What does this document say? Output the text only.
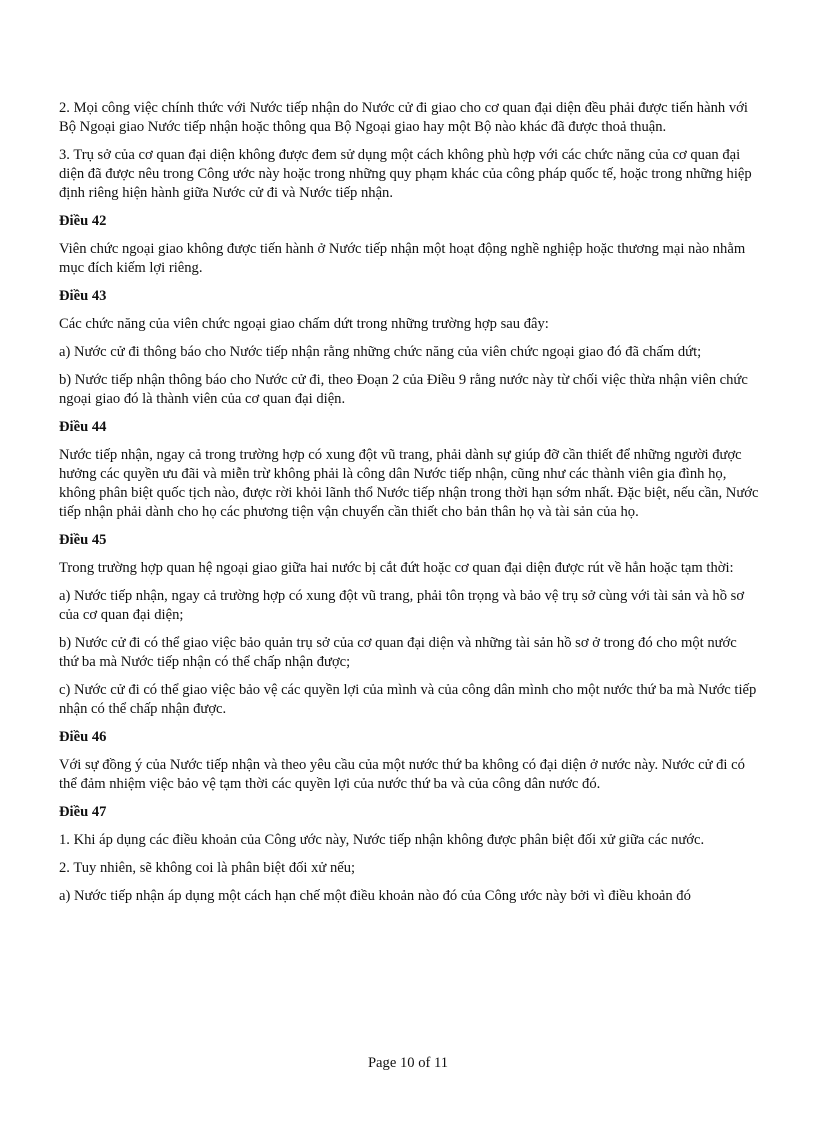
2. Mọi công việc chính thức với Nước tiếp nhận do Nước cử đi giao cho cơ quan đại diện đều phải được tiến hành với Bộ Ngoại giao Nước tiếp nhận hoặc thông qua Bộ Ngoại giao hay một Bộ nào khác đã được thoả thuận.

3. Trụ sở của cơ quan đại diện không được đem sử dụng một cách không phù hợp với các chức năng của cơ quan đại diện đã được nêu trong Công ước này hoặc trong những quy phạm khác của công pháp quốc tế, hoặc trong những hiệp định riêng hiện hành giữa Nước cử đi và Nước tiếp nhận.

Điều 42

Viên chức ngoại giao không được tiến hành ở Nước tiếp nhận một hoạt động nghề nghiệp hoặc thương mại nào nhằm mục đích kiếm lợi riêng.

Điều 43

Các chức năng của viên chức ngoại giao chấm dứt trong những trường hợp sau đây:

a) Nước cử đi thông báo cho Nước tiếp nhận rằng những chức năng của viên chức ngoại giao đó đã chấm dứt;

b) Nước tiếp nhận thông báo cho Nước cử đi, theo Đoạn 2 của Điều 9 rằng nước này từ chối việc thừa nhận viên chức ngoại giao đó là thành viên của cơ quan đại diện.

Điều 44

Nước tiếp nhận, ngay cả trong trường hợp có xung đột vũ trang, phải dành sự giúp đỡ cần thiết để những người được hưởng các quyền ưu đãi và miễn trừ không phải là công dân Nước tiếp nhận, cũng như các thành viên gia đình họ, không phân biệt quốc tịch nào, được rời khỏi lãnh thổ Nước tiếp nhận trong thời hạn sớm nhất. Đặc biệt, nếu cần, Nước tiếp nhận phải dành cho họ các phương tiện vận chuyển cần thiết cho bản thân họ và tài sản của họ.

Điều 45

Trong trường hợp quan hệ ngoại giao giữa hai nước bị cắt đứt hoặc cơ quan đại diện được rút về hẳn hoặc tạm thời:

a) Nước tiếp nhận, ngay cả trường hợp có xung đột vũ trang, phải tôn trọng và bảo vệ trụ sở cùng với tài sản và hồ sơ của cơ quan đại diện;

b) Nước cử đi có thể giao việc bảo quản trụ sở của cơ quan đại diện và những tài sản hồ sơ ở trong đó cho một nước thứ ba mà Nước tiếp nhận có thể chấp nhận được;

c) Nước cử đi có thể giao việc bảo vệ các quyền lợi của mình và của công dân mình cho một nước thứ ba mà Nước tiếp nhận có thể chấp nhận được.

Điều 46

Với sự đồng ý của Nước tiếp nhận và theo yêu cầu của một nước thứ ba không có đại diện ở nước này. Nước cử đi có thể đảm nhiệm việc bảo vệ tạm thời các quyền lợi của nước thứ ba và của công dân nước đó.

Điều 47

1. Khi áp dụng các điều khoản của Công ước này, Nước tiếp nhận không được phân biệt đối xử giữa các nước.

2. Tuy nhiên, sẽ không coi là phân biệt đối xử nếu;

a) Nước tiếp nhận áp dụng một cách hạn chế một điều khoản nào đó của Công ước này bởi vì điều khoản đó

Page 10 of 11
